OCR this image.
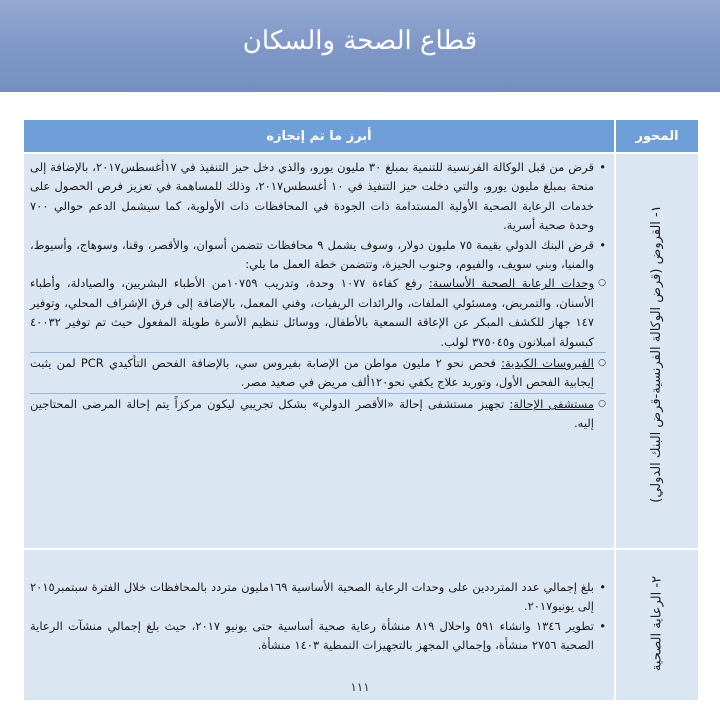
قطاع الصحة والسكان
المحور
أبرز ما تم إنجازه
١- القروض (قرض الوكالة الفرنسية-قرض البنك الدولي)
• قرض من قبل الوكالة الفرنسية للتنمية بمبلغ ٣٠ مليون يورو، والذي دخل حيز التنفيذ في ١٧أغسطس٢٠١٧، بالإضافة إلى منحة بمبلغ مليون يورو، والتي دخلت حيز التنفيذ في ١٠ أغسطس٢٠١٧، وذلك للمساهمة في تعزيز فرص الحصول على خدمات الرعاية الصحية الأولية المستدامة ذات الجودة في المحافظات ذات الأولوية، كما سيشمل الدعم حوالي ٧٠٠ وحدة صحية أسرية.
• قرض البنك الدولي بقيمة ٧٥ مليون دولار، وسوف يشمل ٩ محافظات تتضمن أسوان، والأقصر، وقنا، وسوهاج، وأسيوط، والمنيا، وبني سويف، والفيوم، وجنوب الجيزة، وتتضمن خطة العمل ما يلي:
○ وحدات الرعاية الصحية الأساسية: رفع كفاءة ١٠٧٧ وحدة، وتدريب ١٠٧٥٩من الأطباء البشريين، والصيادلة، وأطباء الأسنان، والتمريض، ومسئولي الملفات، والرائدات الريفيات، وفني المعمل، بالإضافة إلى فرق الإشراف المحلي، وتوفير ١٤٧ جهاز للكشف المبكر عن الإعاقة السمعية بالأطفال، ووسائل تنظيم الأسرة طويلة المفعول حيث تم توفير ٤٠٠٣٢ كبسولة امبلانون و٣٧٥٠٤٥ لولب.
○ الفيروسات الكبدية: فحص نحو ٢ مليون مواطن من الإصابة بفيروس سي، بالإضافة الفحص التأكيدي PCR لمن يثبت إيجابية الفحص الأول، وتوريد علاج يكفي نحو١٢٠ألف مريض في صعيد مصر.
○ مستشفى الإحالة: تجهيز مستشفى إحالة «الأقصر الدولي» بشكل تجريبي ليكون مركزاً يتم إحالة المرضى المحتاجين إليه.
٢- الرعاية الصحية
• بلغ إجمالي عدد المترددين على وحدات الرعاية الصحية الأساسية ١٦٩مليون متردد بالمحافظات خلال الفترة سبتمبر٢٠١٥ إلى يونيو٢٠١٧.
• تطوير ١٣٤٦ وانشاء ٥٩١ واحلال ٨١٩ منشأة رعاية صحية أساسية حتى يونيو ٢٠١٧، حيث بلغ إجمالي منشآت الرعاية الصحية ٢٧٥٦ منشأة، وإجمالي المجهز بالتجهيزات النمطية ١٤٠٣ منشأة.
١١١
